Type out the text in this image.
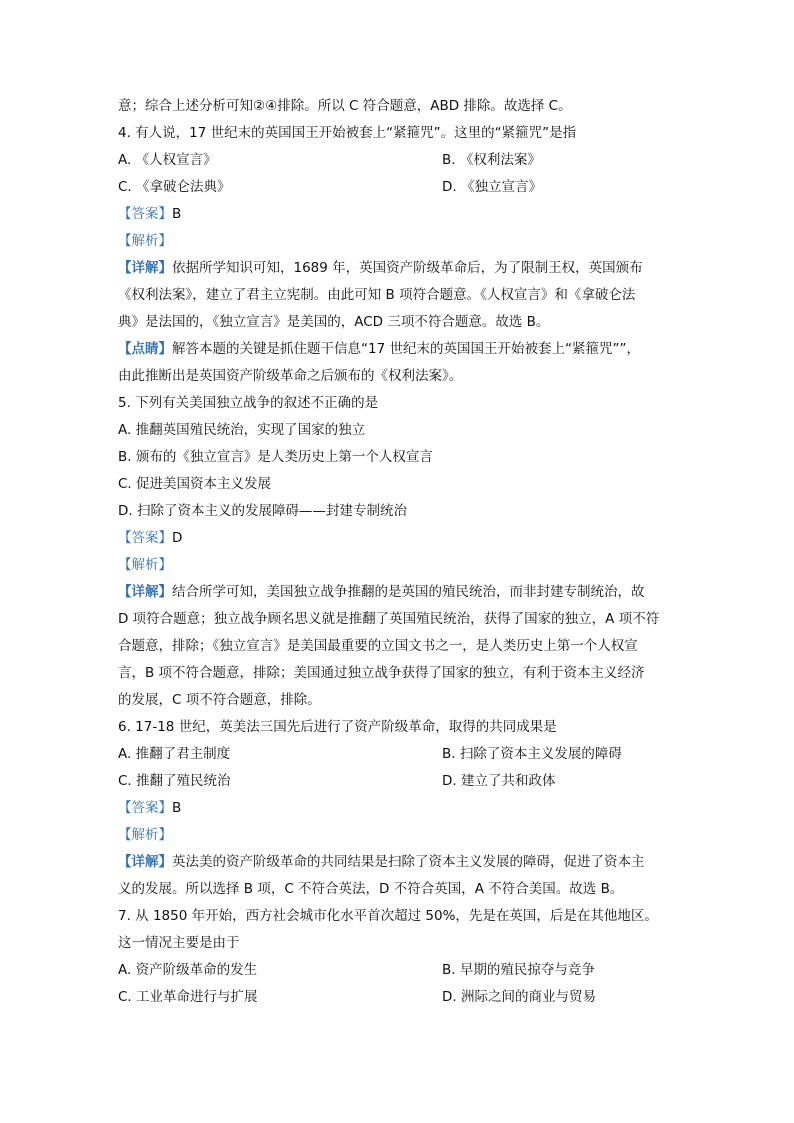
意；综合上述分析可知②④排除。所以 C 符合题意，ABD 排除。故选择 C。
4. 有人说，17 世纪末的英国国王开始被套上“紧箍咒”。这里的“紧箍咒”是指
A. 《人权宣言》	B. 《权利法案》
C. 《拿破仑法典》	D. 《独立宣言》
【答案】B
【解析】
【详解】依据所学知识可知，1689 年，英国资产阶级革命后，为了限制王权，英国颁布
《权利法案》，建立了君主立宪制。由此可知 B 项符合题意。《人权宣言》和《拿破仑法
典》是法国的，《独立宣言》是美国的，ACD 三项不符合题意。故选 B。
【点睛】解答本题的关键是抓住题干信息“17 世纪末的英国国王开始被套上“紧箍咒””，
由此推断出是英国资产阶级革命之后颁布的《权利法案》。
5. 下列有关美国独立战争的叙述不正确的是
A. 推翻英国殖民统治，实现了国家的独立
B. 颁布的《独立宣言》是人类历史上第一个人权宣言
C. 促进美国资本主义发展
D. 扫除了资本主义的发展障碍——封建专制统治
【答案】D
【解析】
【详解】结合所学可知，美国独立战争推翻的是英国的殖民统治，而非封建专制统治，故
D 项符合题意；独立战争顾名思义就是推翻了英国殖民统治，获得了国家的独立，A 项不符
合题意，排除；《独立宣言》是美国最重要的立国文书之一，是人类历史上第一个人权宣
言，B 项不符合题意，排除；美国通过独立战争获得了国家的独立，有利于资本主义经济
的发展，C 项不符合题意，排除。
6. 17-18 世纪，英美法三国先后进行了资产阶级革命，取得的共同成果是
A. 推翻了君主制度	B. 扫除了资本主义发展的障碍
C. 推翻了殖民统治	D. 建立了共和政体
【答案】B
【解析】
【详解】英法美的资产阶级革命的共同结果是扫除了资本主义发展的障碍，促进了资本主
义的发展。所以选择 B 项，C 不符合英法，D 不符合英国，A 不符合美国。故选 B。
7. 从 1850 年开始，西方社会城市化水平首次超过 50%，先是在英国，后是在其他地区。
这一情况主要是由于
A. 资产阶级革命的发生	B. 早期的殖民掠夺与竞争
C. 工业革命进行与扩展	D. 洲际之间的商业与贸易
